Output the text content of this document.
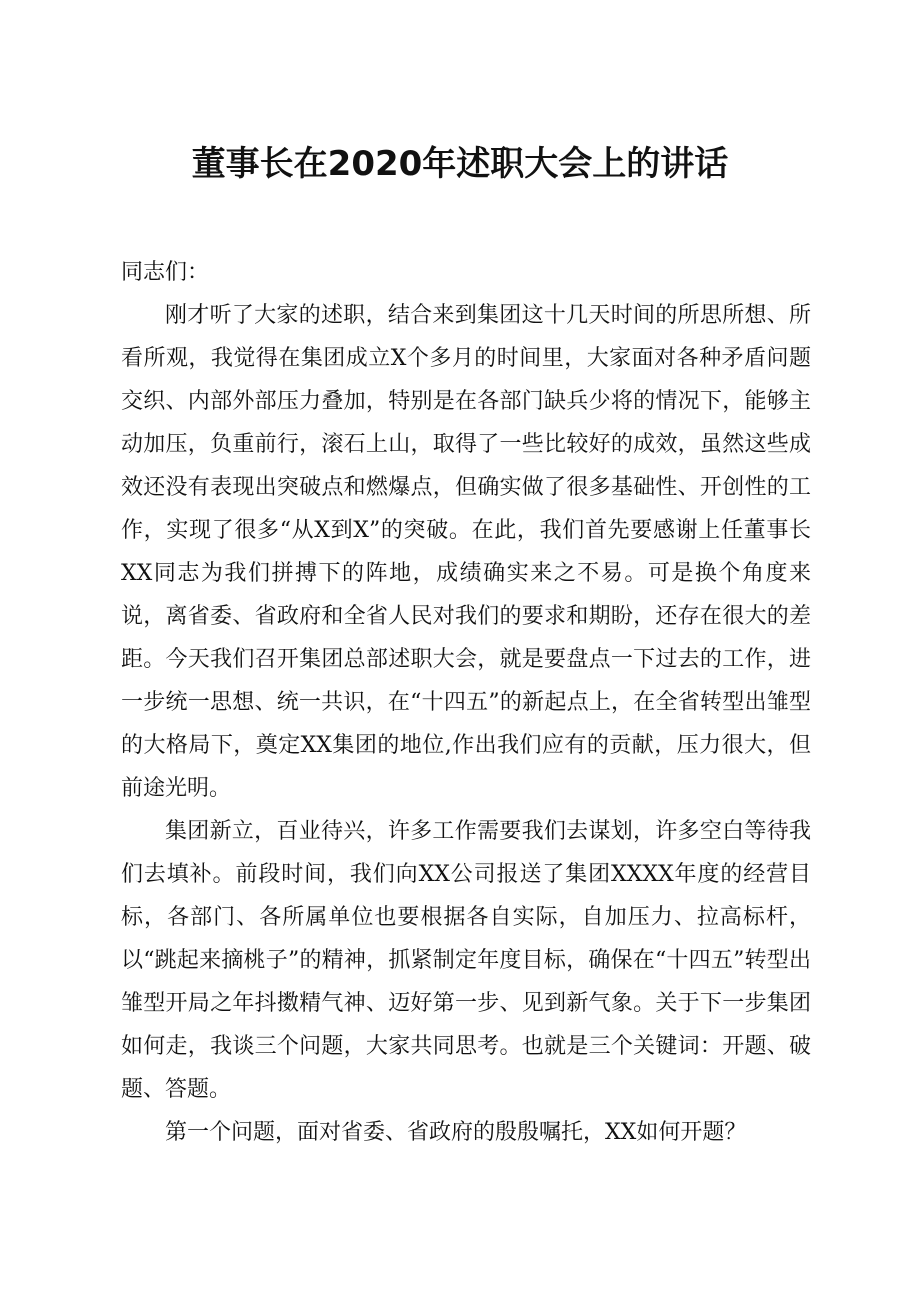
董事长在2020年述职大会上的讲话

同志们：

刚才听了大家的述职，结合来到集团这十几天时间的所思所想、所看所观，我觉得在集团成立X个多月的时间里，大家面对各种矛盾问题交织、内部外部压力叠加，特别是在各部门缺兵少将的情况下，能够主动加压，负重前行，滚石上山，取得了一些比较好的成效，虽然这些成效还没有表现出突破点和燃爆点，但确实做了很多基础性、开创性的工作，实现了很多“从X到X”的突破。在此，我们首先要感谢上任董事长XX同志为我们拼搏下的阵地，成绩确实来之不易。可是换个角度来说，离省委、省政府和全省人民对我们的要求和期盼，还存在很大的差距。今天我们召开集团总部述职大会，就是要盘点一下过去的工作，进一步统一思想、统一共识，在“十四五”的新起点上，在全省转型出雏型的大格局下，奠定XX集团的地位,作出我们应有的贡献，压力很大，但前途光明。

集团新立，百业待兴，许多工作需要我们去谋划，许多空白等待我们去填补。前段时间，我们向XX公司报送了集团XXXX年度的经营目标，各部门、各所属单位也要根据各自实际，自加压力、拉高标杆，以“跳起来摘桃子”的精神，抓紧制定年度目标，确保在“十四五”转型出雏型开局之年抖擞精气神、迈好第一步、见到新气象。关于下一步集团如何走，我谈三个问题，大家共同思考。也就是三个关键词：开题、破题、答题。

第一个问题，面对省委、省政府的殷殷嘱托，XX如何开题？
